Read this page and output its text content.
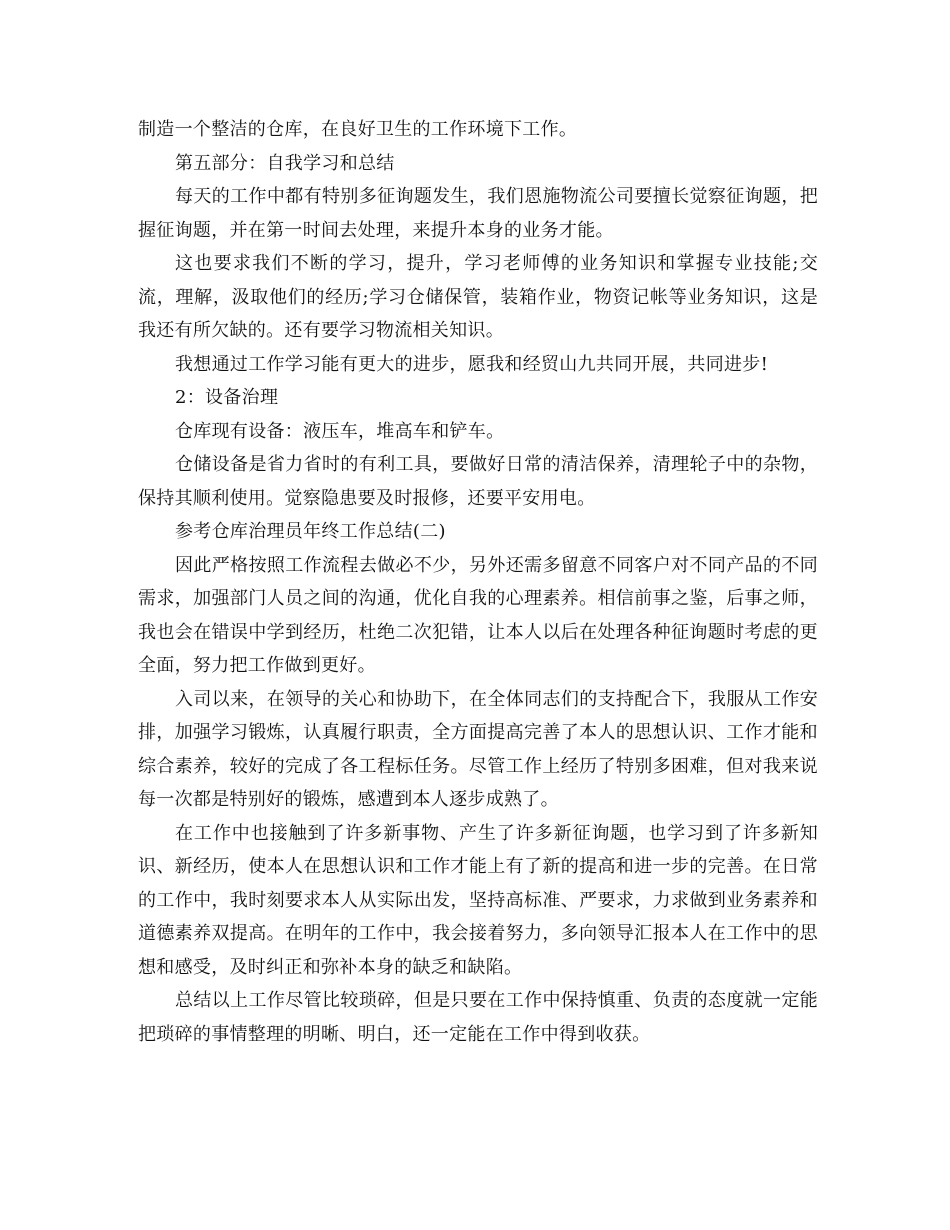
制造一个整洁的仓库，在良好卫生的工作环境下工作。

第五部分：自我学习和总结

每天的工作中都有特别多征询题发生，我们恩施物流公司要擅长觉察征询题，把握征询题，并在第一时间去处理，来提升本身的业务才能。

这也要求我们不断的学习，提升，学习老师傅的业务知识和掌握专业技能;交流，理解，汲取他们的经历;学习仓储保管，装箱作业，物资记帐等业务知识，这是我还有所欠缺的。还有要学习物流相关知识。

我想通过工作学习能有更大的进步，愿我和经贸山九共同开展，共同进步!

2：设备治理

仓库现有设备：液压车，堆高车和铲车。

仓储设备是省力省时的有利工具，要做好日常的清洁保养，清理轮子中的杂物，保持其顺利使用。觉察隐患要及时报修，还要平安用电。

参考仓库治理员年终工作总结(二)

因此严格按照工作流程去做必不少，另外还需多留意不同客户对不同产品的不同需求，加强部门人员之间的沟通，优化自我的心理素养。相信前事之鉴，后事之师，我也会在错误中学到经历，杜绝二次犯错，让本人以后在处理各种征询题时考虑的更全面，努力把工作做到更好。

入司以来，在领导的关心和协助下，在全体同志们的支持配合下，我服从工作安排，加强学习锻炼，认真履行职责，全方面提高完善了本人的思想认识、工作才能和综合素养，较好的完成了各工程标任务。尽管工作上经历了特别多困难，但对我来说每一次都是特别好的锻炼，感遭到本人逐步成熟了。

在工作中也接触到了许多新事物、产生了许多新征询题，也学习到了许多新知识、新经历，使本人在思想认识和工作才能上有了新的提高和进一步的完善。在日常的工作中，我时刻要求本人从实际出发，坚持高标准、严要求，力求做到业务素养和道德素养双提高。在明年的工作中，我会接着努力，多向领导汇报本人在工作中的思想和感受，及时纠正和弥补本身的缺乏和缺陷。

总结以上工作尽管比较琐碎，但是只要在工作中保持慎重、负责的态度就一定能把琐碎的事情整理的明晰、明白，还一定能在工作中得到收获。
